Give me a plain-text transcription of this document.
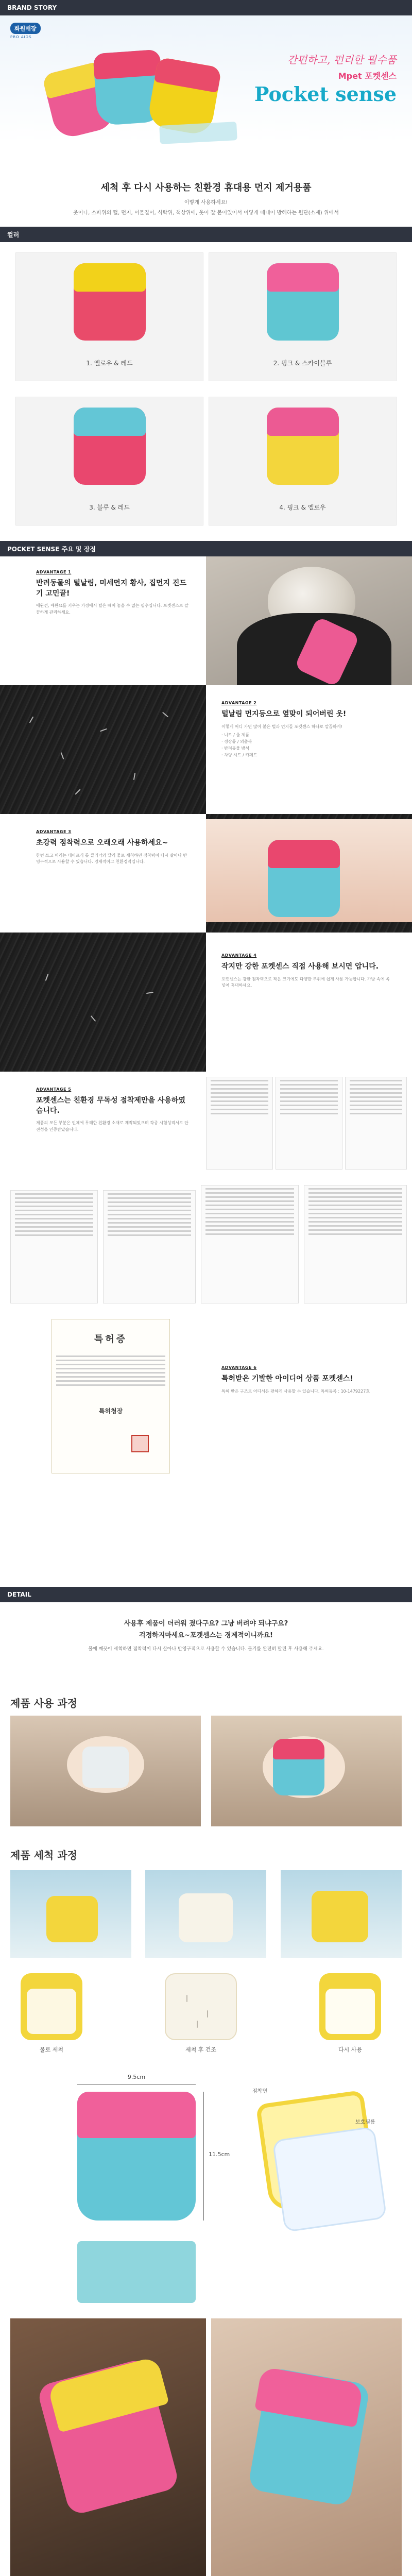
BRAND STORY
화원매장
PRO AIDS
간편하고, 편리한 필수품
Mpet 포켓센스
Pocket sense
세척 후 다시 사용하는 친환경 휴대용 먼지 제거용품
이렇게 사용하세요!
옷이나, 소파위의 털, 먼지, 이물질이, 식탁위, 책상위에, 옷이 잘 붙어있어서 이렇게 떼내어 방해하는 원단(소재) 위에서
컬러
1. 옐로우 & 레드	2. 핑크 & 스카이블루
3. 블루 & 레드	4. 핑크 & 옐로우
POCKET SENSE 주요 및 장점
ADVANTAGE 1
반려동물의 털날림, 미세먼지 황사, 집먼지 진드기 고민끝!
애완견, 애완묘를 키우는 가정에서 털은 빼어 놓을 수 없는 필수입니다. 포켓센스로 깔끔하게 관리하세요.
ADVANTAGE 2
털날림 먼지등으로 옆맞이 되어버린 옷!
이렇게 어디 가면 많이 붙은 털과 먼지들 포켓센스 하나로 깔끔하게!
· 니트 / 울 제품
· 정장류 / 외출복
· 반려동물 방석
· 차량 시트 / 카페트
ADVANTAGE 3
초강력 점착력으로 오래오래 사용하세요~
한번 쓰고 버리는 테이프식 롤 클리너와 달리 물로 세척하면 점착력이 다시 살아나 반영구적으로 사용할 수 있습니다. 경제적이고 친환경적입니다.
ADVANTAGE 4
작지만 강한 포켓센스 직접 사용해 보시면 압니다.
포켓센스는 강한 점착력으로 작은 크기에도 다양한 부위에 쉽게 사용 가능합니다. 가방 속에 쏙 넣어 휴대하세요.
ADVANTAGE 5
포켓센스는 친환경 무독성 점착제만을 사용하였습니다.
제품의 모든 부분은 인체에 무해한 친환경 소재로 제작되었으며 각종 시험성적서로 안전성을 인증받았습니다.
특허증
특허청장
ADVANTAGE 6
특허받은 기발한 아이디어 상품 포켓센스!
특허 받은 구조로 어디서든 편하게 사용할 수 있습니다. 특허등록 : 10-1479227호
DETAIL
사용후 제품이 더러워 졌다구요? 그냥 버려야 되냐구요?
걱정하지마세요~포켓센스는 경제적이니까요!
물에 깨끗이 세척하면 점착력이 다시 살아나 반영구적으로 사용할 수 있습니다. 물기를 완전히 말린 후 사용해 주세요.
제품 사용 과정
제품 세척 과정
물로 세척	세척 후 건조	다시 사용
9.5cm
11.5cm
점착면
보호필름
